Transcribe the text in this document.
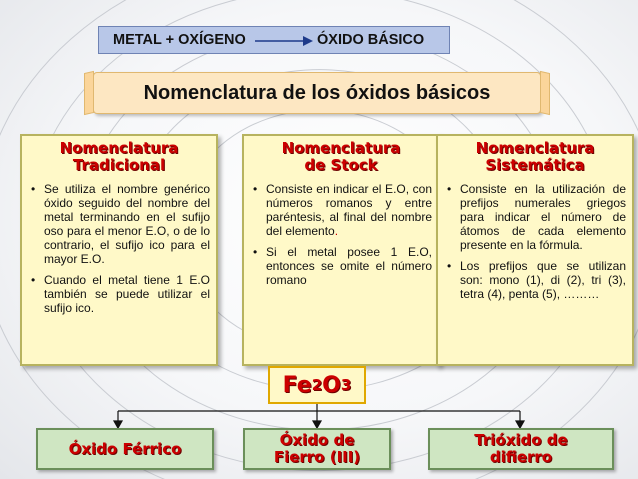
METAL + OXÍGENO	ÓXIDO BÁSICO
Nomenclatura de los óxidos básicos
Nomenclatura
Tradicional
• Se utiliza el nombre genérico óxido seguido del nombre del metal terminando en el sufijo oso para el menor E.O, o de lo contrario, el sufijo ico para el mayor E.O.
• Cuando el metal tiene 1 E.O también se puede utilizar el sufijo ico.
Nomenclatura
de Stock
• Consiste en indicar el E.O, con números romanos y entre paréntesis, al final del nombre del elemento.
• Si el metal posee 1 E.O, entonces se omite el número romano
Nomenclatura
Sistemática
• Consiste en la utilización de prefijos numerales griegos para indicar el número de átomos de cada elemento presente en la fórmula.
• Los prefijos que se utilizan son: mono (1), di (2), tri (3), tetra (4), penta (5), ………
Fe 2 O 3
Óxido Férrico	Óxido de
Fierro (III)
Trióxido de
difierro
